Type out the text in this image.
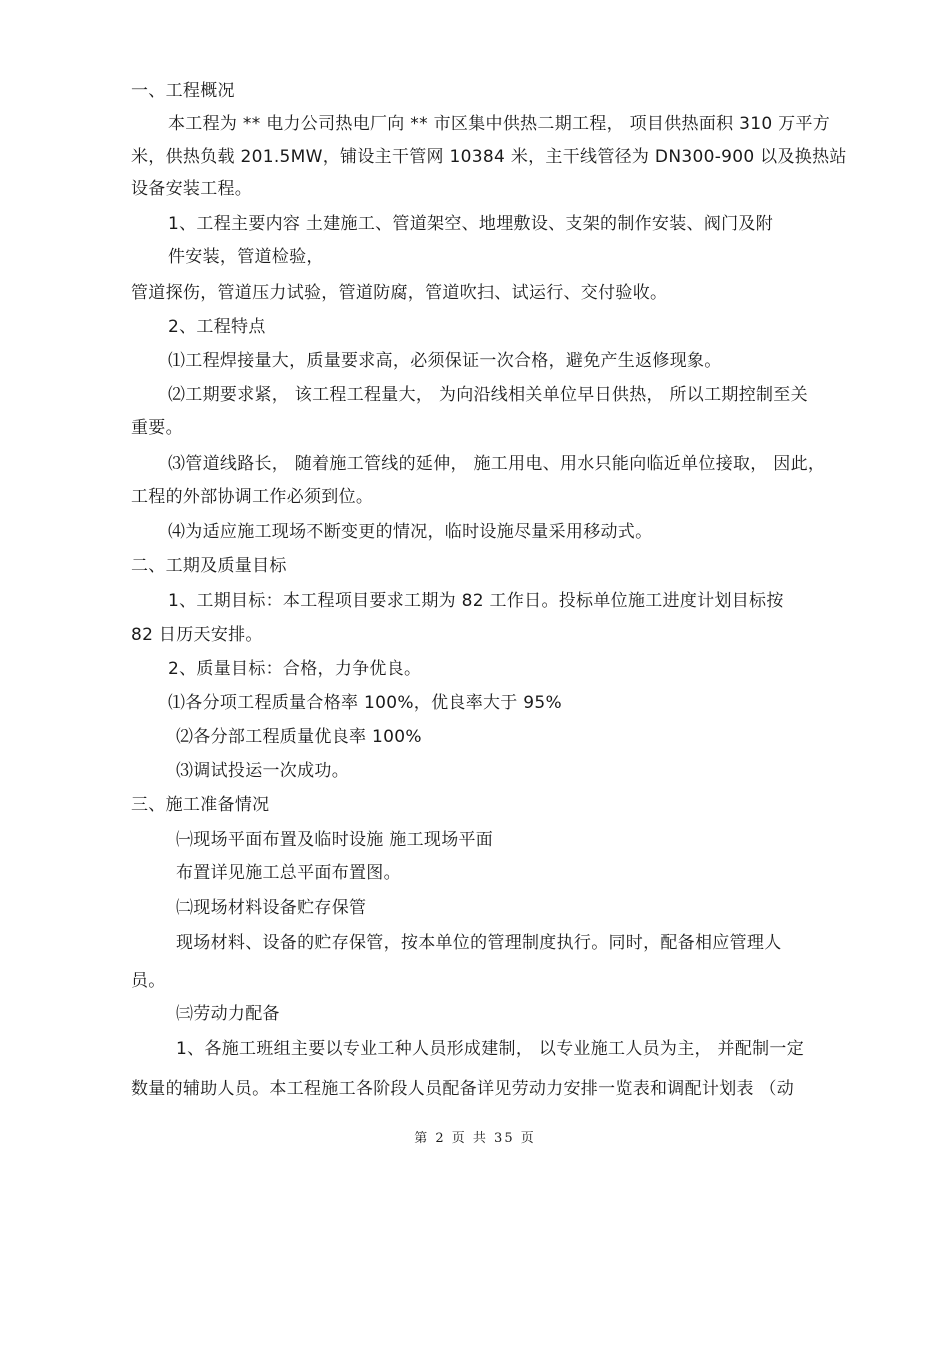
一、工程概况
本工程为 ** 电力公司热电厂向 ** 市区集中供热二期工程， 项目供热面积 310 万平方
米，供热负载 201.5MW，铺设主干管网 10384 米，主干线管径为 DN300-900 以及换热站
设备安装工程。
1、工程主要内容 土建施工、管道架空、地埋敷设、支架的制作安装、阀门及附
件安装，管道检验，
管道探伤，管道压力试验，管道防腐，管道吹扫、试运行、交付验收。
2、工程特点
⑴工程焊接量大，质量要求高，必须保证一次合格，避免产生返修现象。
⑵工期要求紧， 该工程工程量大， 为向沿线相关单位早日供热， 所以工期控制至关
重要。
⑶管道线路长， 随着施工管线的延伸， 施工用电、用水只能向临近单位接取， 因此，
工程的外部协调工作必须到位。
⑷为适应施工现场不断变更的情况，临时设施尽量采用移动式。
二、工期及质量目标
1、工期目标：本工程项目要求工期为 82 工作日。投标单位施工进度计划目标按
82 日历天安排。
2、质量目标：合格，力争优良。
⑴各分项工程质量合格率 100%，优良率大于 95%
⑵各分部工程质量优良率 100%
⑶调试投运一次成功。
三、施工准备情况
㈠现场平面布置及临时设施 施工现场平面
布置详见施工总平面布置图。
㈡现场材料设备贮存保管
现场材料、设备的贮存保管，按本单位的管理制度执行。同时，配备相应管理人
员。
㈢劳动力配备
1、各施工班组主要以专业工种人员形成建制， 以专业施工人员为主， 并配制一定
数量的辅助人员。本工程施工各阶段人员配备详见劳动力安排一览表和调配计划表 （动
第 2 页 共 35 页
